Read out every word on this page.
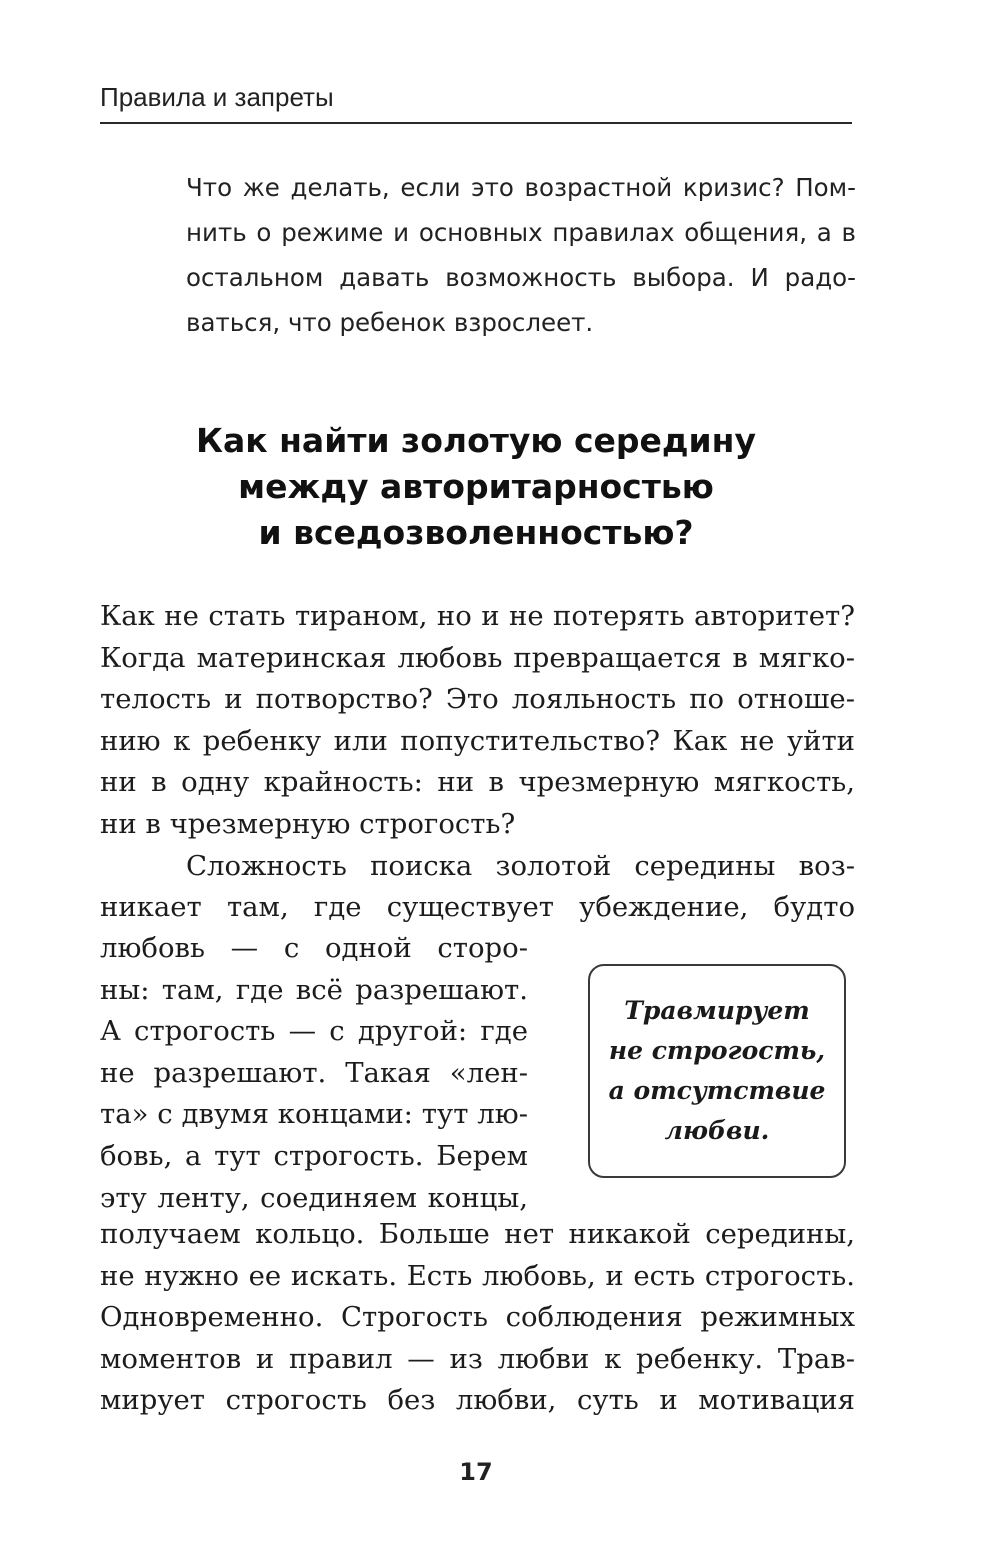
Правила и запреты
Что же делать, если это возрастной кризис? Пом-
нить о режиме и основных правилах общения, а в
остальном давать возможность выбора. И радо-
ваться, что ребенок взрослеет.
Как найти золотую середину
между авторитарностью
и вседозволенностью?
Как не стать тираном, но и не потерять авторитет?
Когда материнская любовь превращается в мягко-
телость и потворство? Это лояльность по отноше-
нию к ребенку или попустительство? Как не уйти
ни в одну крайность: ни в чрезмерную мягкость,
ни в чрезмерную строгость?
Сложность поиска золотой середины воз-
никает там, где существует убеждение, будто
любовь — с одной сторо-
ны: там, где всё разрешают.
А строгость — с другой: где
не разрешают. Такая «лен-
та» с двумя концами: тут лю-
бовь, а тут строгость. Берем
эту ленту, соединяем концы,
Травмирует
не строгость,
а отсутствие
любви.
получаем кольцо. Больше нет никакой середины,
не нужно ее искать. Есть любовь, и есть строгость.
Одновременно. Строгость соблюдения режимных
моментов и правил — из любви к ребенку. Трав-
мирует строгость без любви, суть и мотивация
17
